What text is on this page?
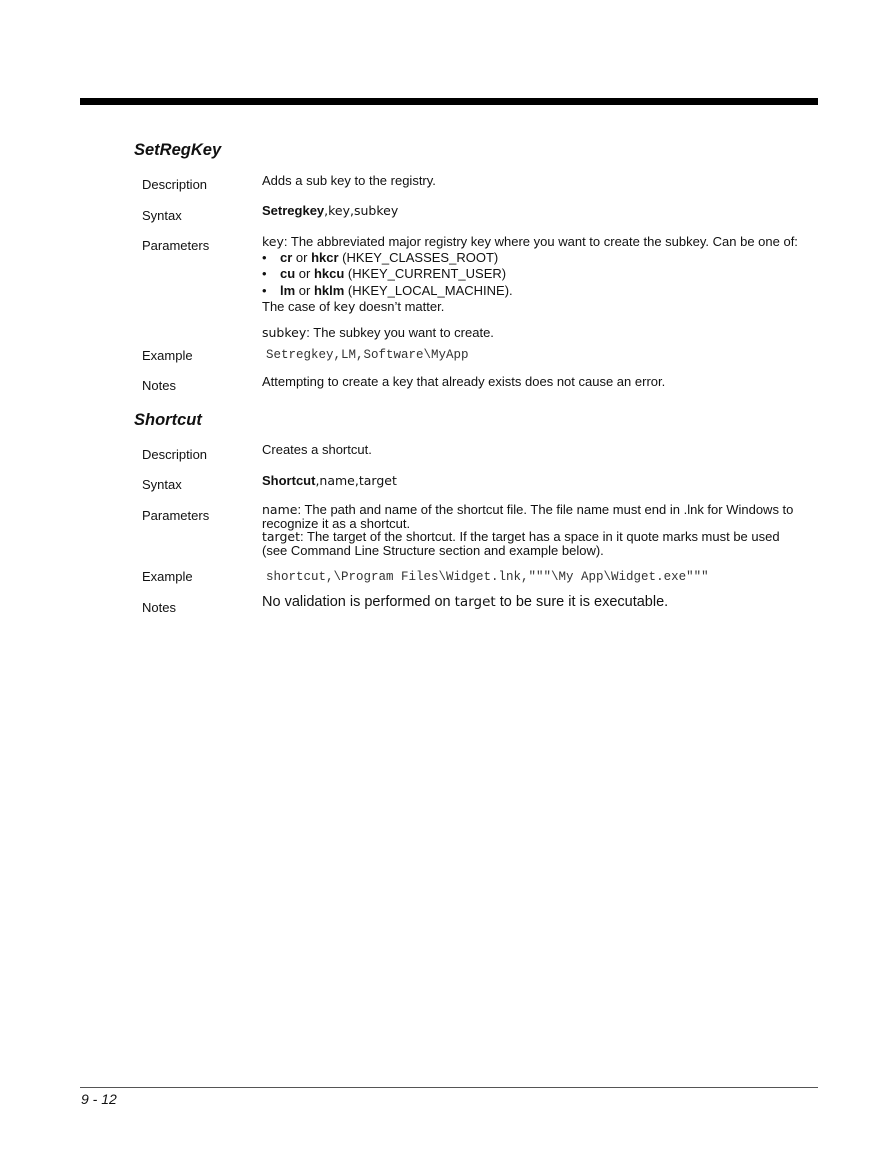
SetRegKey
Description	Adds a sub key to the registry.
Syntax	Setregkey,key,subkey
Parameters	key: The abbreviated major registry key where you want to create the subkey. Can be one of:
• cr or hkcr (HKEY_CLASSES_ROOT)
• cu or hkcu (HKEY_CURRENT_USER)
• lm or hklm (HKEY_LOCAL_MACHINE).
The case of key doesn’t matter.
subkey: The subkey you want to create.
Example	Setregkey,LM,Software\MyApp
Notes	Attempting to create a key that already exists does not cause an error.
Shortcut
Description	Creates a shortcut.
Syntax	Shortcut,name,target
Parameters	name: The path and name of the shortcut file. The file name must end in .lnk for Windows to recognize it as a shortcut.
target: The target of the shortcut. If the target has a space in it quote marks must be used (see Command Line Structure section and example below).
Example	shortcut,\Program Files\Widget.lnk,"""\My App\Widget.exe"""
Notes	No validation is performed on target to be sure it is executable.
9 - 12
